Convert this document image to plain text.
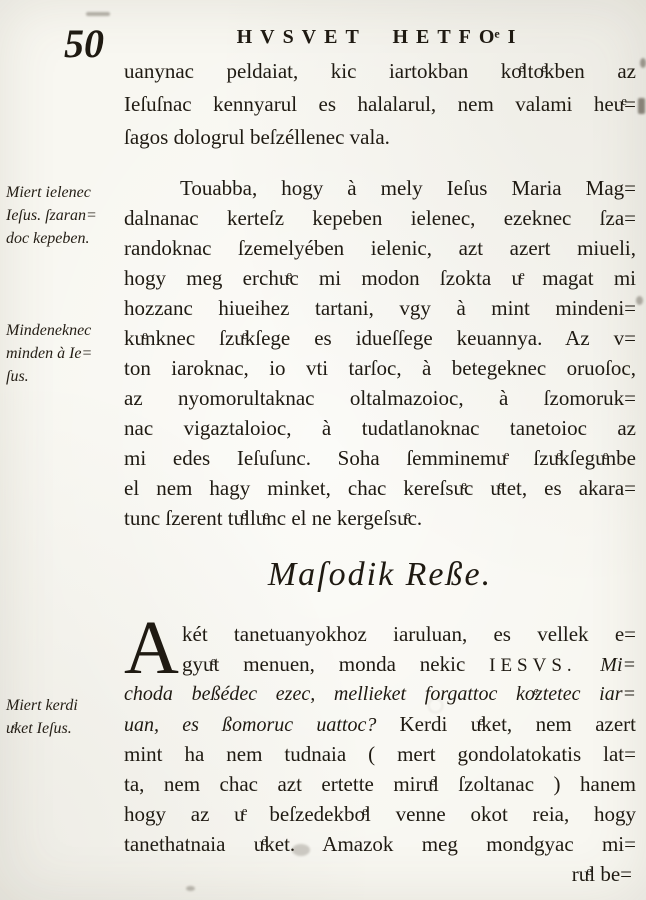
Miert ielenec
Ieſus. ſzaran=
doc kepeben.
Mindeneknec
minden à Ie=
ſus.
Miert kerdi
uͤket Ieſus.
50	HVSVET  HETFOͤI
uanynac peldaiat, kic iartokban koͤltoͤkben az
Ieſuſnac kennyarul es halalarul, nem valami heuͤ=
ſagos dologrul beſzéllenec vala.
Touabba, hogy à mely Ieſus Maria Mag=
dalnanac kerteſz kepeben ielenec, ezeknec ſza=
randoknac ſzemelyében ielenic, azt azert miueli,
hogy meg erchuͤc mi modon ſzokta uͤ magat mi
hozzanc hiueihez tartani, vgy à mint mindeni=
kuͤnknec ſzuͤkſege es idueſſege keuannya. Az v=
ton iaroknac, io vti tarſoc, à betegeknec oruoſoc,
az nyomorultaknac oltalmazoioc, à ſzomoruk=
nac vigaztaloioc, à tudatlanoknac tanetoioc az
mi edes Ieſuſunc. Soha ſemminemuͤ ſzuͤkſeguͤnbe
el nem hagy minket, chac kereſsuͤc uͤtet, es akara=
tunc ſzerent tuͤlluͤnc el ne kergeſsuͤc.
Maſodik Reße.
A két tanetuanyokhoz iaruluan, es vellek e=
gyuͤt menuen, monda nekic IESVS. Mi=
choda beßédec ezec, mellieket forgattoc koͤztetec iar=
uan, es ßomoruc uattoc? Kerdi uͤket, nem azert
mint ha nem tudnaia ( mert gondolatokatis lat=
ta, nem chac azt ertette miruͤl ſzoltanac ) hanem
hogy az uͤ beſzedekboͤl venne okot reia, hogy
tanethatnaia uͤket. Amazok meg mondgyac mi=
ruͤl be=
